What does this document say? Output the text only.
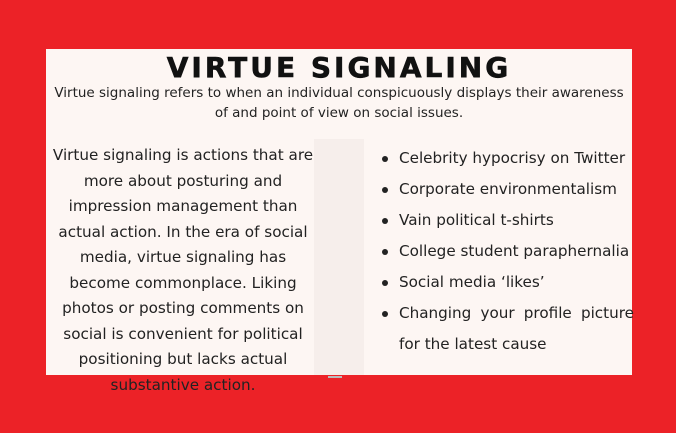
VIRTUE SIGNALING
Virtue signaling refers to when an individual conspicuously displays their awareness of and point of view on social issues.
Virtue signaling is actions that are more about posturing and impression management than actual action. In the era of social media, virtue signaling has become commonplace. Liking photos or posting comments on social is convenient for political positioning but lacks actual substantive action.
Celebrity hypocrisy on Twitter
Corporate environmentalism
Vain political t-shirts
College student paraphernalia
Social media ‘likes’
Changing your profile picture for the latest cause
